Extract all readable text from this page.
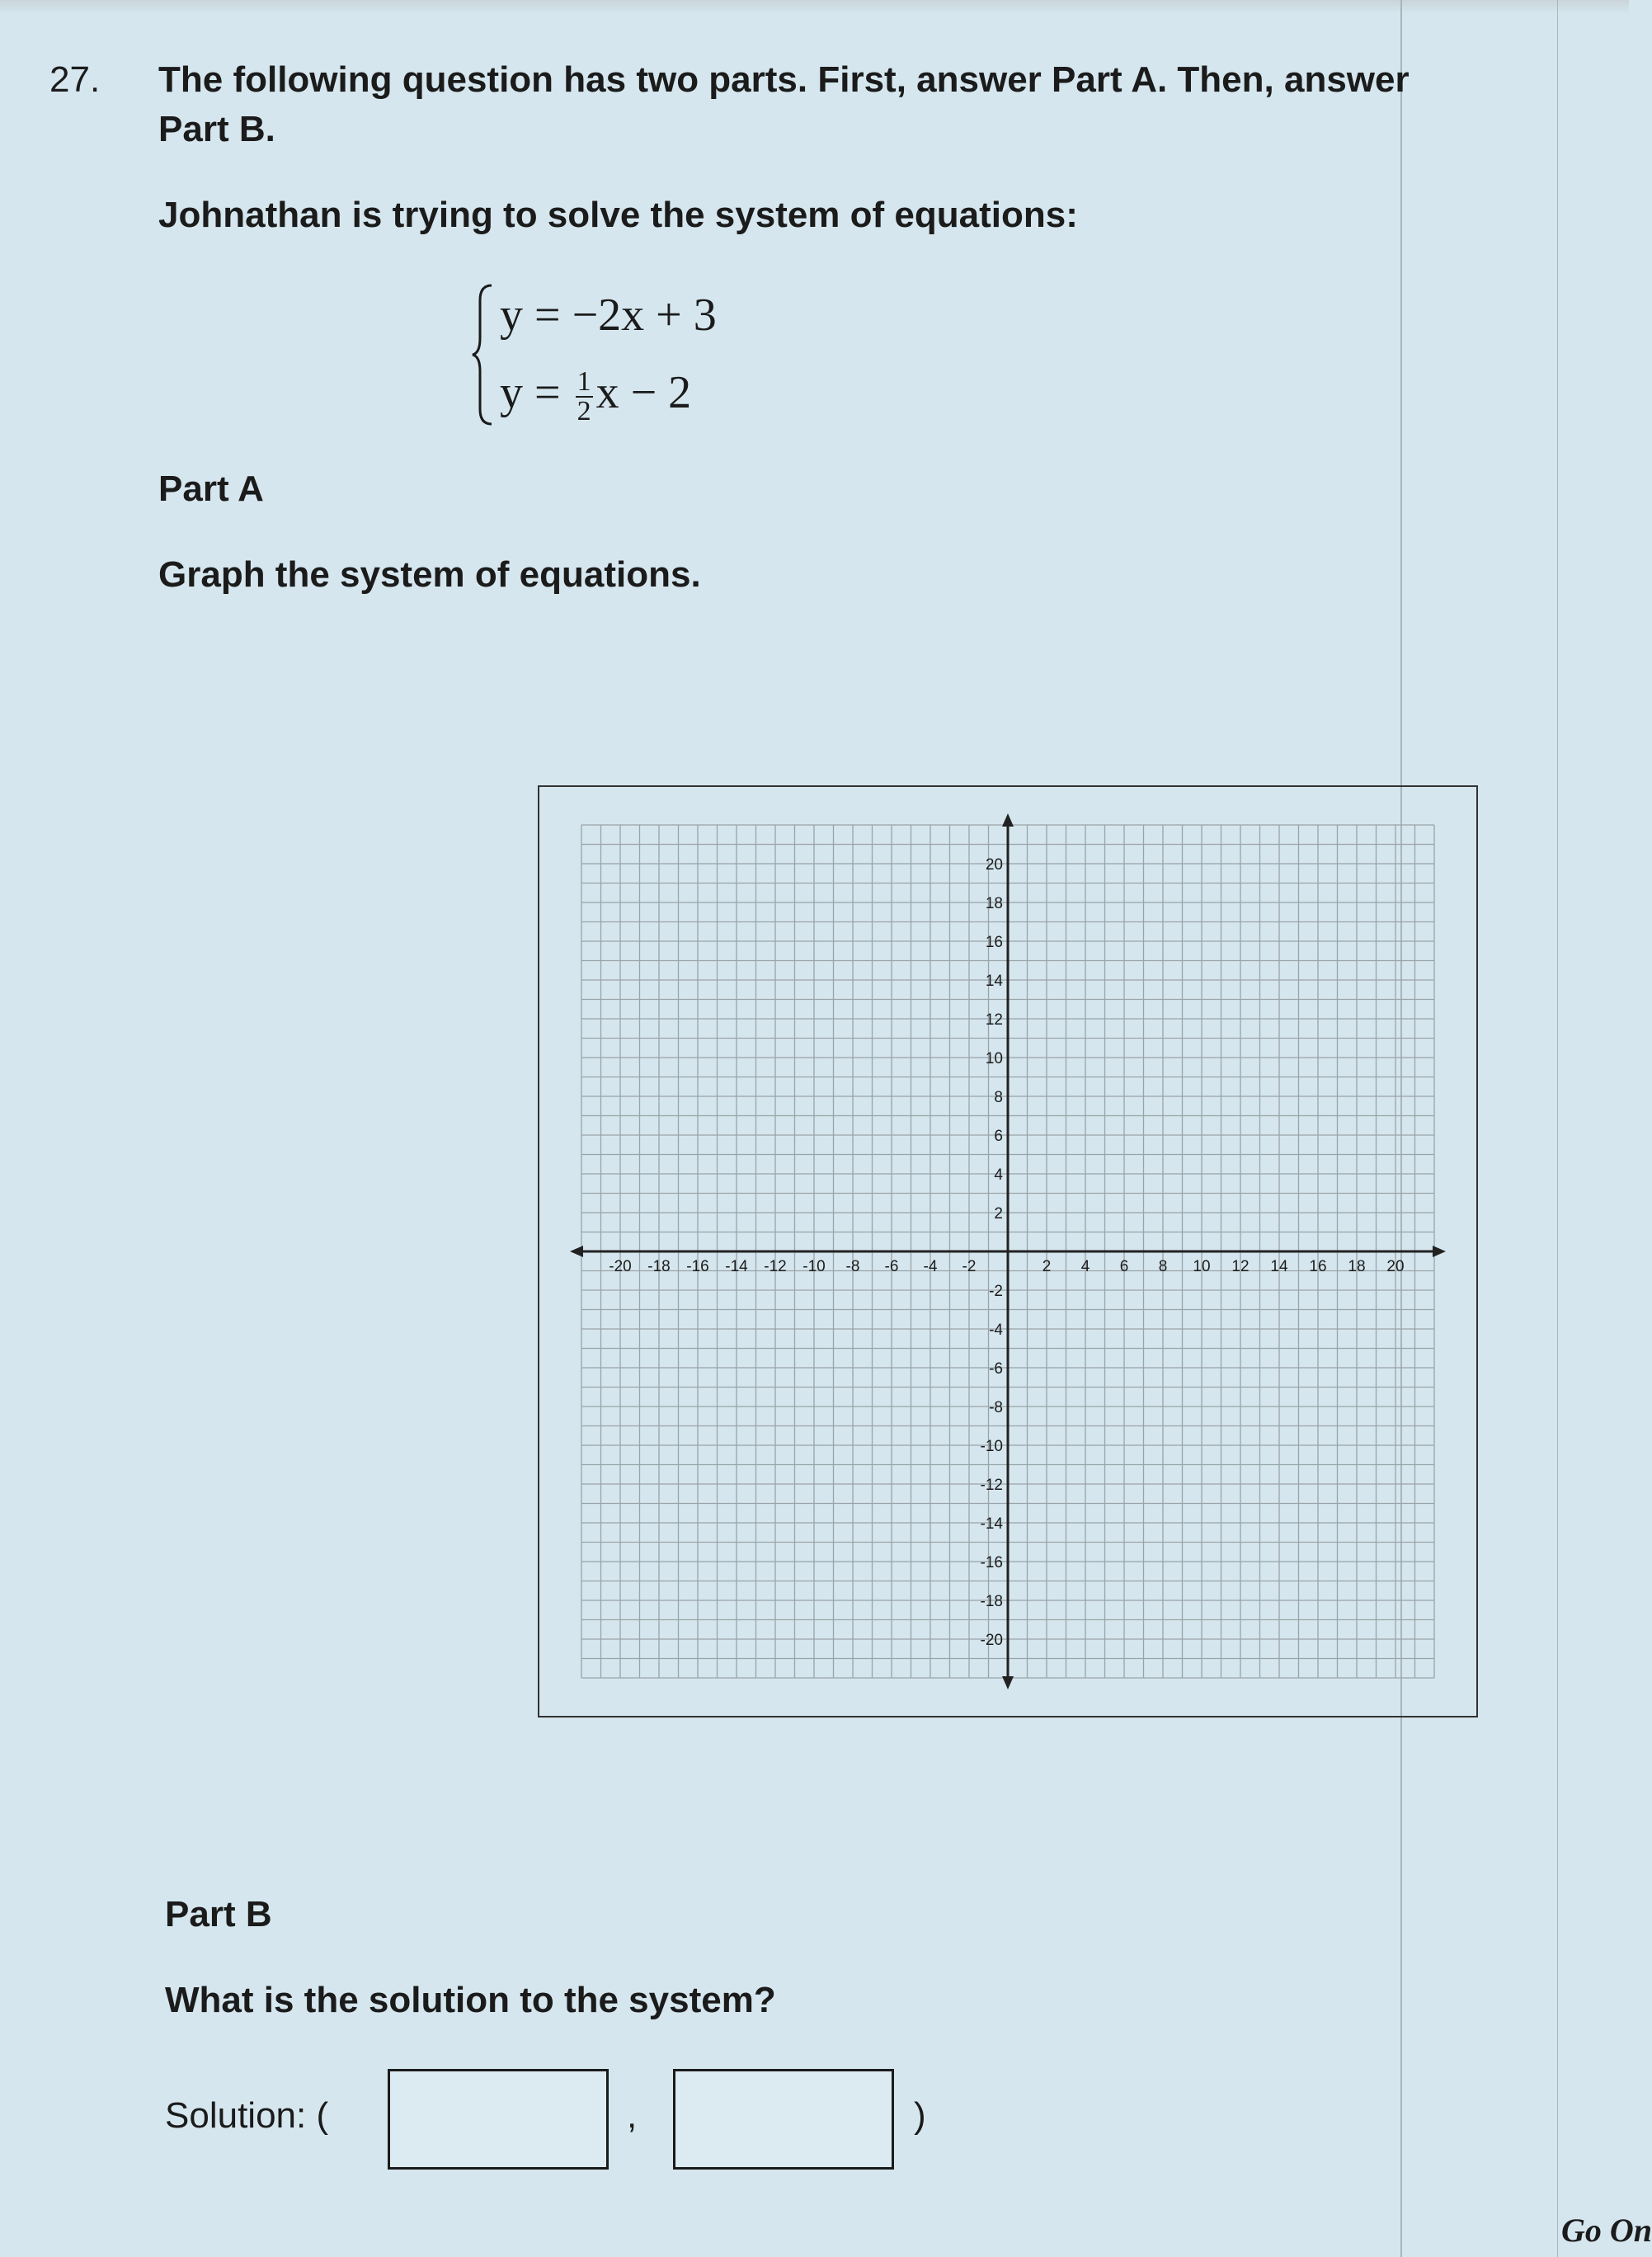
27. The following question has two parts. First, answer Part A. Then, answer
Part B.
Johnathan is trying to solve the system of equations:
y = −2x + 3
$y = \frac{1}{2}$ x − 2
Part A
Graph the system of equations.
-20 -18 -16 -14 -12 -10 -8 -6 -4 -2	2 4 6 8 10 12 14 16 18 20
20
18
16
14
12
10
8
6
4
2
-2
-4
-6
-8
-10
-12
-14
-16
-18
-20
Part B
What is the solution to the system?
Solution: (	,	)
Go On
